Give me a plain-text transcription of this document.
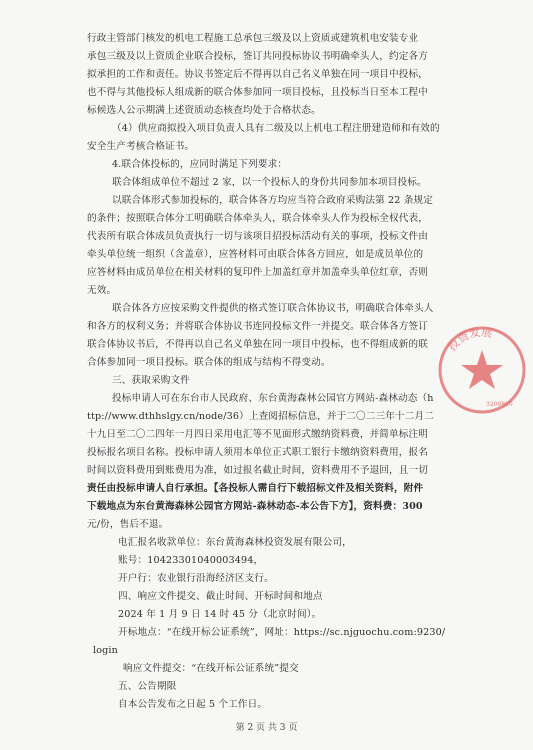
行政主管部门核发的机电工程施工总承包三级及以上资质或建筑机电安装专业
承包三级及以上资质企业联合投标，签订共同投标协议书明确牵头人，约定各方
拟承担的工作和责任。协议书签定后不得再以自己名义单独在同一项目中投标，
也不得与其他投标人组成新的联合体参加同一项目投标，且投标当日至本工程中
标候选人公示期满上述资质动态核查均处于合格状态。
（4）供应商拟投入项目负责人具有二级及以上机电工程注册建造师和有效的
安全生产考核合格证书。
4.联合体投标的，应同时满足下列要求：
联合体组成单位不超过 2 家，以一个投标人的身份共同参加本项目投标。
以联合体形式参加投标的，联合体各方均应当符合政府采购法第 22 条规定
的条件；按照联合体分工明确联合体牵头人，联合体牵头人作为投标全权代表，
代表所有联合体成员负责执行一切与该项目招投标活动有关的事项，投标文件由
牵头单位统一组织（含盖章），应答材料可由联合体各方回应，如是成员单位的
应答材料由成员单位在相关材料的复印件上加盖红章并加盖牵头单位红章，否则
无效。
联合体各方应按采购文件提供的格式签订联合体协议书，明确联合体牵头人
和各方的权利义务；并将联合体协议书连同投标文件一并提交。联合体各方签订
联合体协议书后，不得再以自己名义单独在同一项目中投标，也不得组成新的联
合体参加同一项目投标。联合体的组成与结构不得变动。
三、获取采购文件
投标申请人可在东台市人民政府、东台黄海森林公园官方网站-森林动态（h
ttp://www.dthhslgy.cn/node/36）上查阅招标信息，并于二〇二三年十二月二
十九日至二〇二四年一月四日采用电汇等不见面形式缴纳资料费，并简单标注明
投标报名项目名称。投标申请人须用本单位正式职工银行卡缴纳资料费用，报名
时间以资料费用到账费用为准，如过报名截止时间，资料费用不予退回，且一切
责任由投标申请人自行承担。【各投标人需自行下载招标文件及相关资料，附件
下载地点为东台黄海森林公园官方网站-森林动态-本公告下方】，资料费：300
元/份，售后不退。
电汇报名收款单位：东台黄海森林投资发展有限公司，
账号：10423301040003494，
开户行：农业银行沿海经济区支行。
四、响应文件提交、截止时间、开标时间和地点
2024 年 1 月 9 日 14 时 45 分（北京时间）。
开标地点：“在线开标公证系统”，网址：https://sc.njguochu.com:9230/
login
响应文件提交：“在线开标公证系统”提交
五、公告期限
自本公告发布之日起 5 个工作日。
投资发展
3209810
第 2 页 共 3 页
